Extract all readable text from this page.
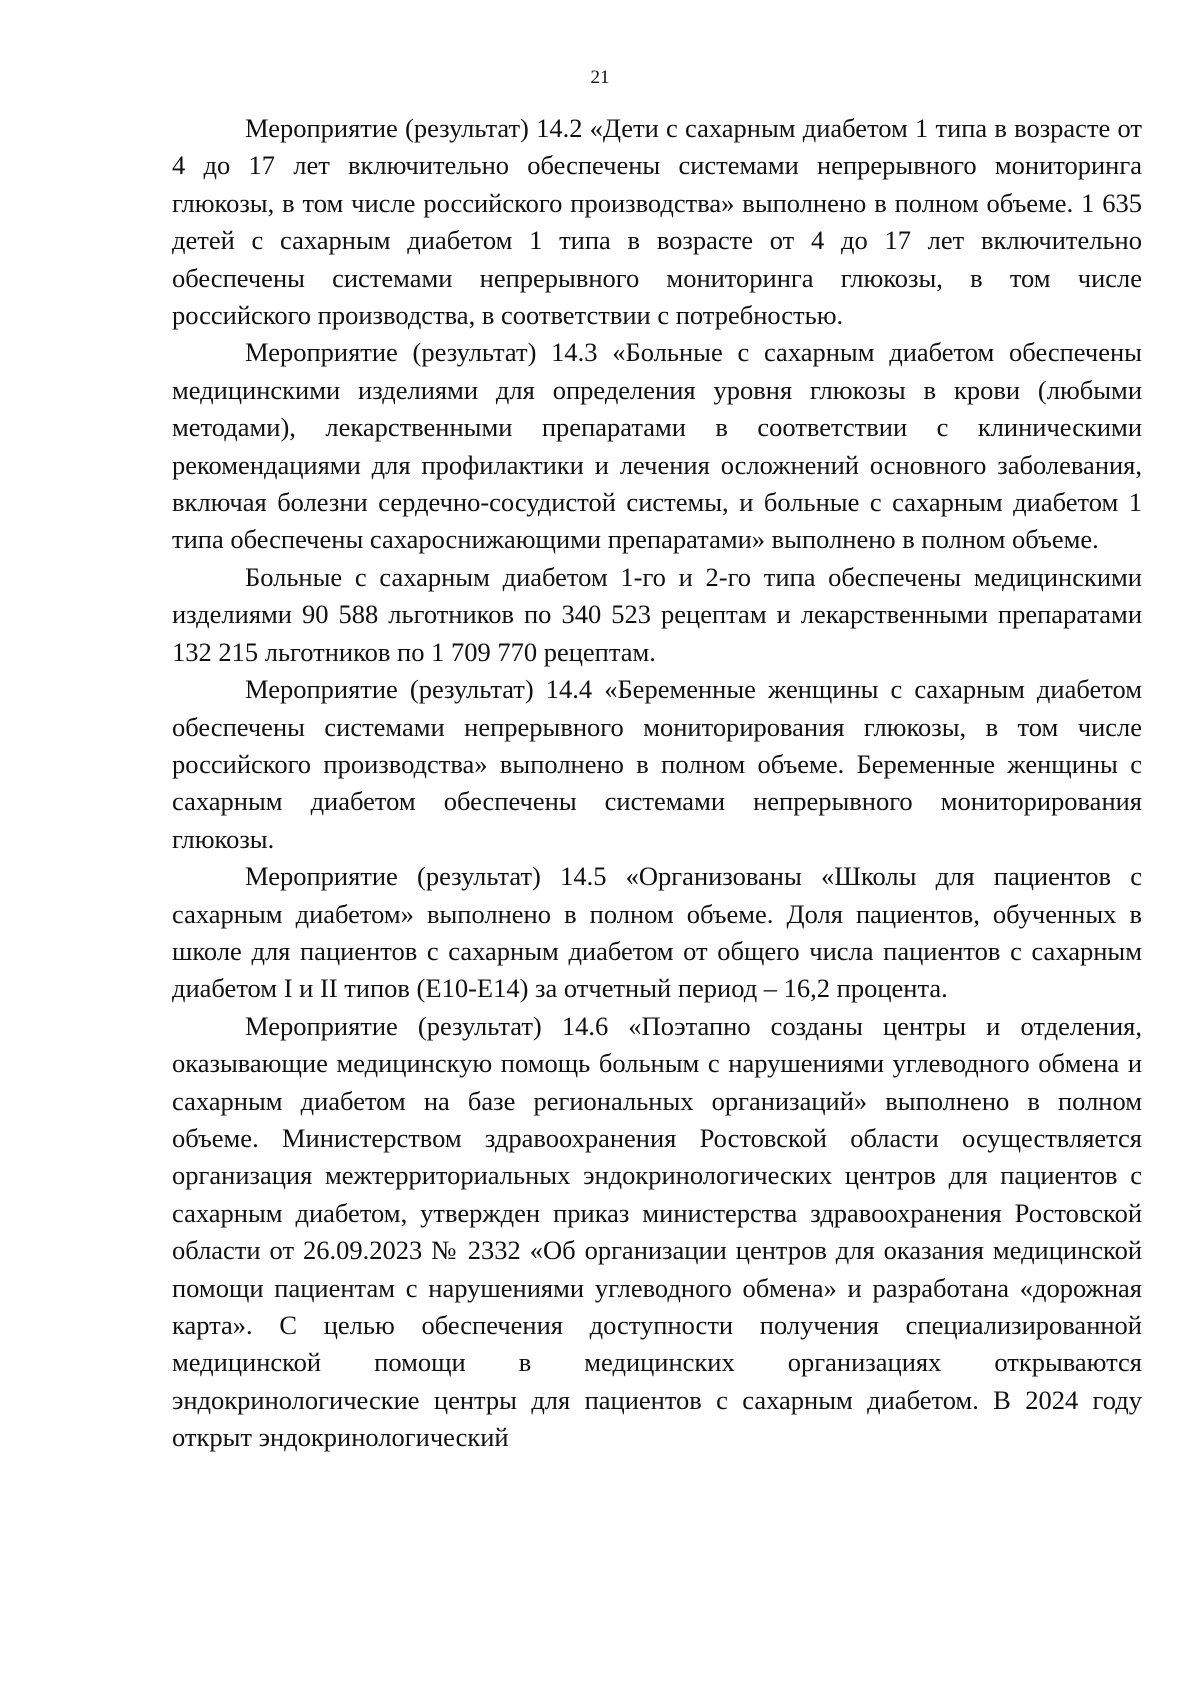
21

Мероприятие (результат) 14.2 «Дети с сахарным диабетом 1 типа в возрасте от 4 до 17 лет включительно обеспечены системами непрерывного мониторинга глюкозы, в том числе российского производства» выполнено в полном объеме. 1 635 детей с сахарным диабетом 1 типа в возрасте от 4 до 17 лет включительно обеспечены системами непрерывного мониторинга глюкозы, в том числе российского производства, в соответствии с потребностью.

Мероприятие (результат) 14.3 «Больные с сахарным диабетом обеспечены медицинскими изделиями для определения уровня глюкозы в крови (любыми методами), лекарственными препаратами в соответствии с клиническими рекомендациями для профилактики и лечения осложнений основного заболевания, включая болезни сердечно-сосудистой системы, и больные с сахарным диабетом 1 типа обеспечены сахароснижающими препаратами» выполнено в полном объеме.

Больные с сахарным диабетом 1-го и 2-го типа обеспечены медицинскими изделиями 90 588 льготников по 340 523 рецептам и лекарственными препаратами 132 215 льготников по 1 709 770 рецептам.

Мероприятие (результат) 14.4 «Беременные женщины с сахарным диабетом обеспечены системами непрерывного мониторирования глюкозы, в том числе российского производства» выполнено в полном объеме. Беременные женщины с сахарным диабетом обеспечены системами непрерывного мониторирования глюкозы.

Мероприятие (результат) 14.5 «Организованы «Школы для пациентов с сахарным диабетом» выполнено в полном объеме. Доля пациентов, обученных в школе для пациентов с сахарным диабетом от общего числа пациентов с сахарным диабетом I и II типов (E10-E14) за отчетный период – 16,2 процента.

Мероприятие (результат) 14.6 «Поэтапно созданы центры и отделения, оказывающие медицинскую помощь больным с нарушениями углеводного обмена и сахарным диабетом на базе региональных организаций» выполнено в полном объеме. Министерством здравоохранения Ростовской области осуществляется организация межтерриториальных эндокринологических центров для пациентов с сахарным диабетом, утвержден приказ министерства здравоохранения Ростовской области от 26.09.2023 № 2332 «Об организации центров для оказания медицинской помощи пациентам с нарушениями углеводного обмена» и разработана «дорожная карта». С целью обеспечения доступности получения специализированной медицинской помощи в медицинских организациях открываются эндокринологические центры для пациентов с сахарным диабетом. В 2024 году открыт эндокринологический
